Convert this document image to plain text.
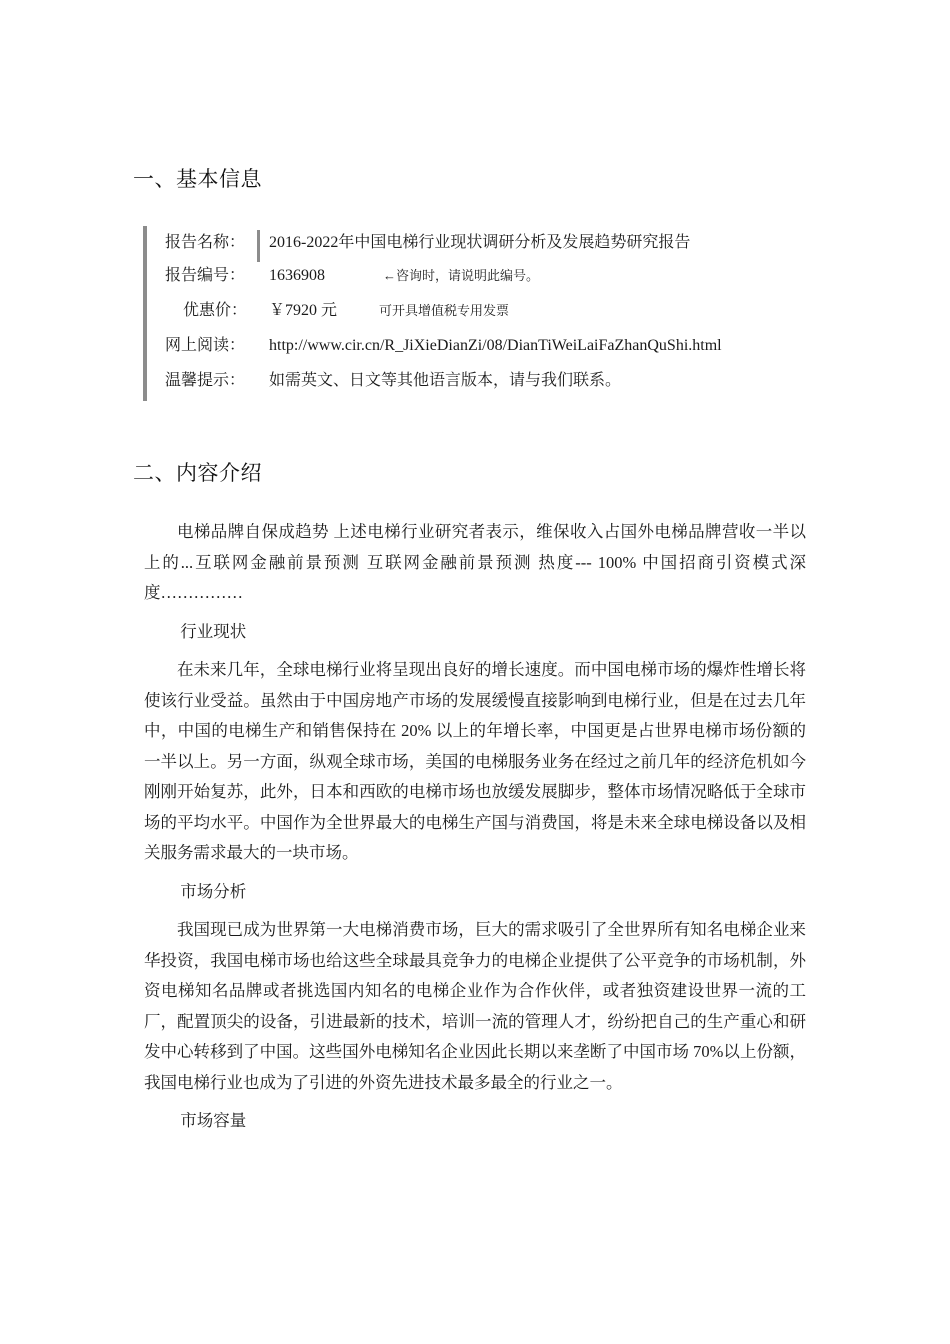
一、基本信息
报告名称： 2016-2022年中国电梯行业现状调研分析及发展趋势研究报告
报告编号： 1636908	←咨询时，请说明此编号。
优惠价：	￥7920 元	可开具增值税专用发票
网上阅读： http://www.cir.cn/R_JiXieDianZi/08/DianTiWeiLaiFaZhanQuShi.html
温馨提示： 如需英文、日文等其他语言版本，请与我们联系。
二、内容介绍

电梯品牌自保成趋势 上述电梯行业研究者表示，维保收入占国外电梯品牌营收一半以上的...互联网金融前景预测 互联网金融前景预测 热度--- 100% 中国招商引资模式深度……………

行业现状

在未来几年，全球电梯行业将呈现出良好的增长速度。而中国电梯市场的爆炸性增长将使该行业受益。虽然由于中国房地产市场的发展缓慢直接影响到电梯行业，但是在过去几年中，中国的电梯生产和销售保持在 20% 以上的年增长率，中国更是占世界电梯市场份额的一半以上。另一方面，纵观全球市场，美国的电梯服务业务在经过之前几年的经济危机如今刚刚开始复苏，此外，日本和西欧的电梯市场也放缓发展脚步，整体市场情况略低于全球市场的平均水平。中国作为全世界最大的电梯生产国与消费国，将是未来全球电梯设备以及相关服务需求最大的一块市场。

市场分析

我国现已成为世界第一大电梯消费市场，巨大的需求吸引了全世界所有知名电梯企业来华投资，我国电梯市场也给这些全球最具竞争力的电梯企业提供了公平竞争的市场机制，外资电梯知名品牌或者挑选国内知名的电梯企业作为合作伙伴，或者独资建设世界一流的工厂，配置顶尖的设备，引进最新的技术，培训一流的管理人才，纷纷把自己的生产重心和研发中心转移到了中国。这些国外电梯知名企业因此长期以来垄断了中国市场 70%以上份额，我国电梯行业也成为了引进的外资先进技术最多最全的行业之一。

市场容量
